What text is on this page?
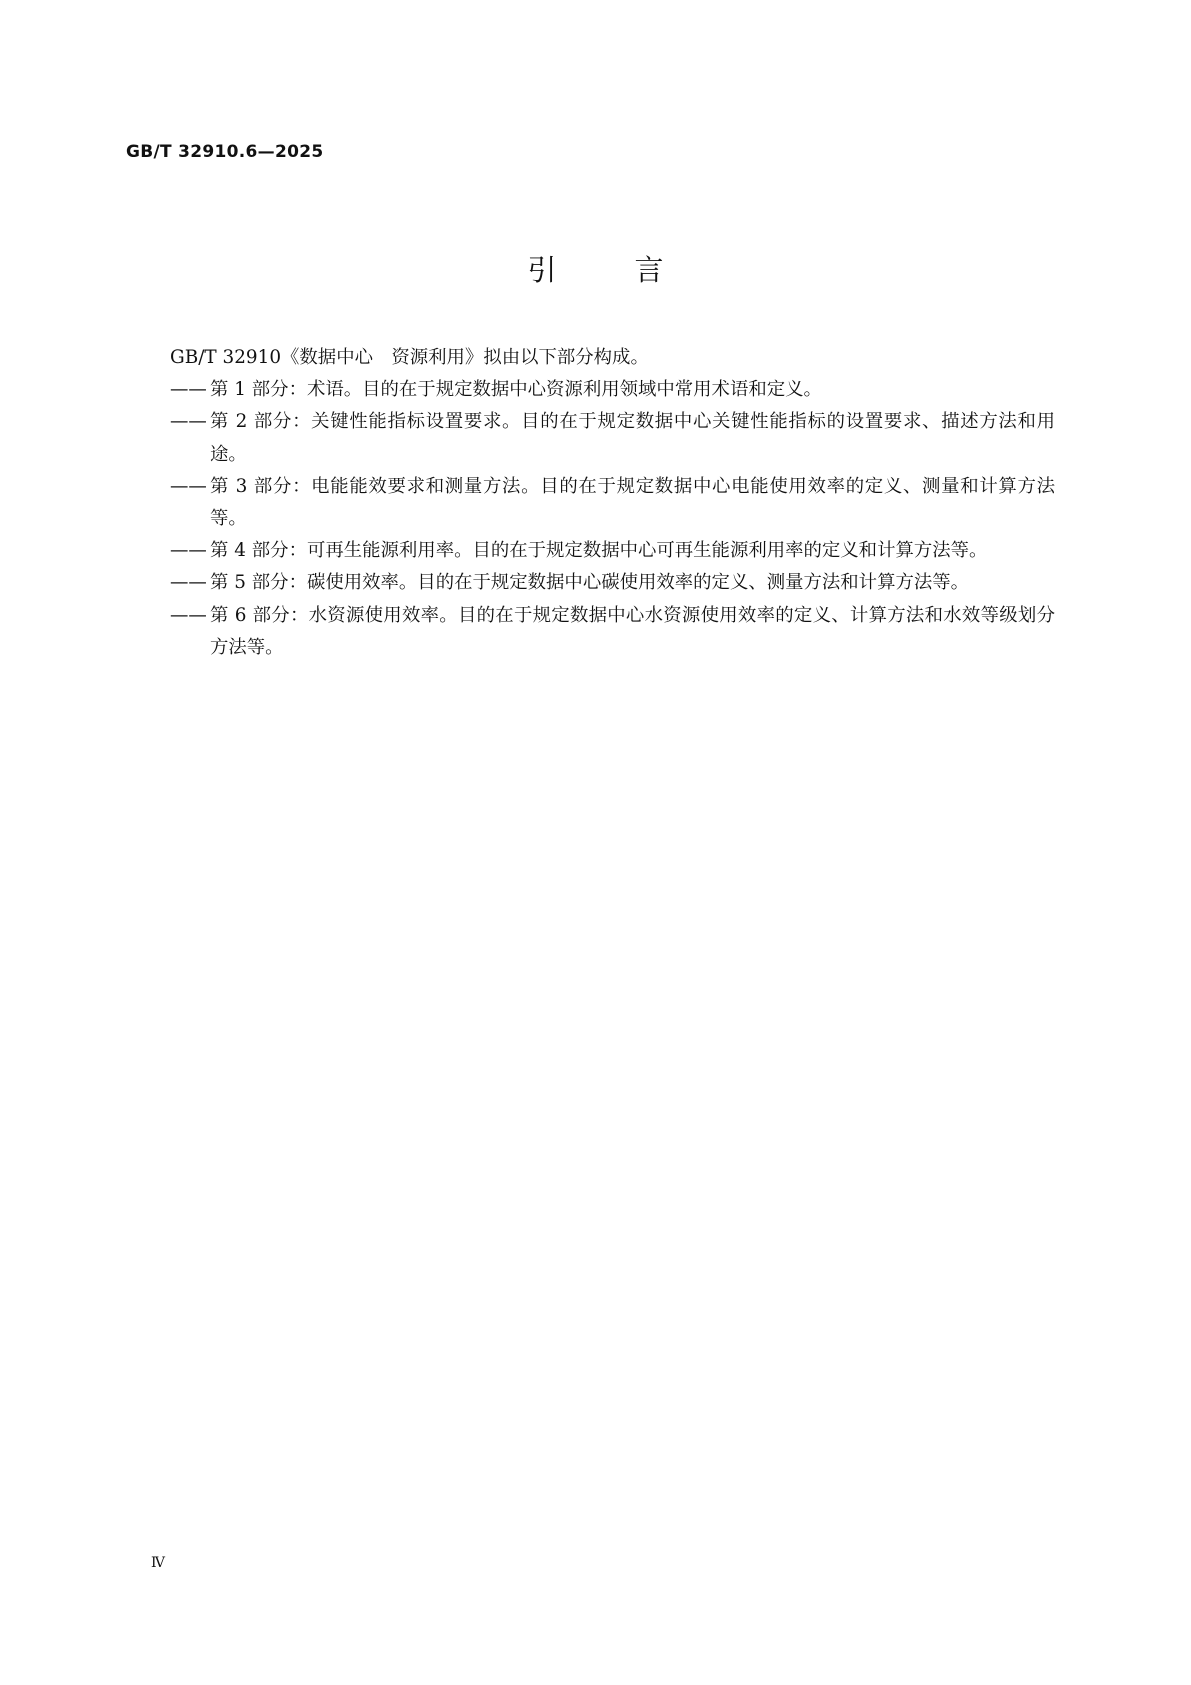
GB/T 32910.6—2025
引	言
GB/T 32910《数据中心　资源利用》拟由以下部分构成。
—— 第 1 部分：术语。目的在于规定数据中心资源利用领域中常用术语和定义。
—— 第 2 部分：关键性能指标设置要求。目的在于规定数据中心关键性能指标的设置要求、描述方法和用途。
—— 第 3 部分：电能能效要求和测量方法。目的在于规定数据中心电能使用效率的定义、测量和计算方法等。
—— 第 4 部分：可再生能源利用率。目的在于规定数据中心可再生能源利用率的定义和计算方法等。
—— 第 5 部分：碳使用效率。目的在于规定数据中心碳使用效率的定义、测量方法和计算方法等。
—— 第 6 部分：水资源使用效率。目的在于规定数据中心水资源使用效率的定义、计算方法和水效等级划分方法等。
Ⅳ
